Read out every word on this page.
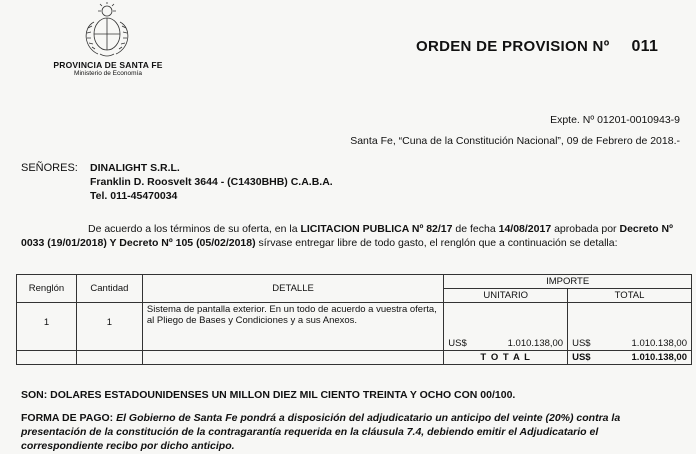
PROVINCIA DE SANTA FE
Ministerio de Economía
ORDEN DE PROVISION Nº 011
Expte. Nº 01201-0010943-9
Santa Fe, “Cuna de la Constitución Nacional”, 09 de Febrero de 2018.-
SEÑORES: DINALIGHT S.R.L.
Franklin D. Roosvelt 3644 - (C1430BHB) C.A.B.A.
Tel. 011-45470034
De acuerdo a los términos de su oferta, en la LICITACION PUBLICA Nº 82/17 de fecha 14/08/2017 aprobada por Decreto Nº 0033 (19/01/2018) Y Decreto Nº 105 (05/02/2018) sírvase entregar libre de todo gasto, el renglón que a continuación se detalla:
Renglón	Cantidad	DETALLE	IMPORTE	
			UNITARIO	TOTAL
1	1	Sistema de pantalla exterior. En un todo de acuerdo a vuestra oferta, al Pliego de Bases y Condiciones y a sus Anexos.	US$ 1.010.138,00	US$ 1.010.138,00

			T O T A L	US$ 1.010.138,00
SON: DOLARES ESTADOUNIDENSES UN MILLON DIEZ MIL CIENTO TREINTA Y OCHO CON 00/100.
FORMA DE PAGO: El Gobierno de Santa Fe pondrá a disposición del adjudicatario un anticipo del veinte (20%) contra la presentación de la constitución de la contragarantía requerida en la cláusula 7.4, debiendo emitir el Adjudicatario el correspondiente recibo por dicho anticipo.
